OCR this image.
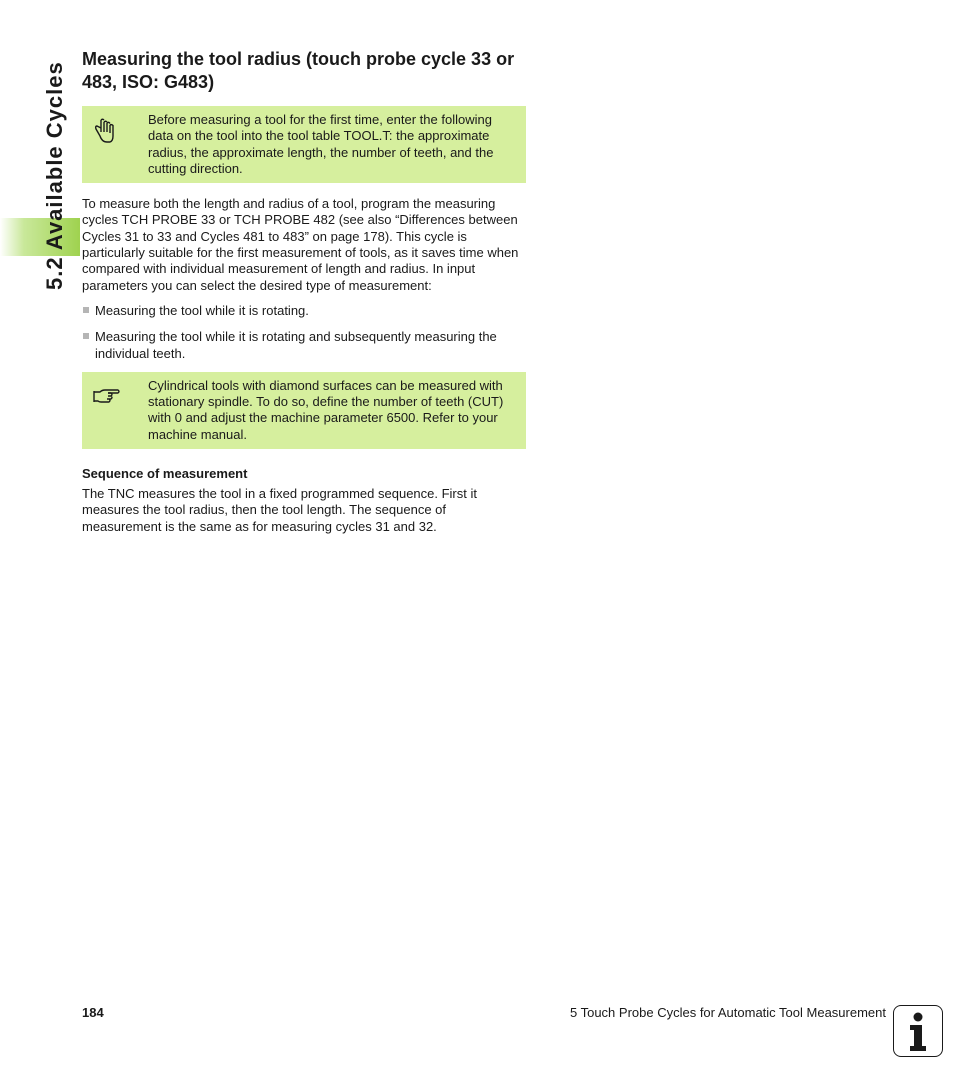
5.2 Available Cycles
Measuring the tool radius (touch probe cycle 33 or 483, ISO: G483)
Before measuring a tool for the first time, enter the following data on the tool into the tool table TOOL.T: the approximate radius, the approximate length, the number of teeth, and the cutting direction.

To measure both the length and radius of a tool, program the measuring cycles TCH PROBE 33 or TCH PROBE 482 (see also “Differences between Cycles 31 to 33 and Cycles 481 to 483” on page 178). This cycle is particularly suitable for the first measurement of tools, as it saves time when compared with individual measurement of length and radius. In input parameters you can select the desired type of measurement:

Measuring the tool while it is rotating.
Measuring the tool while it is rotating and subsequently measuring the individual teeth.
Cylindrical tools with diamond surfaces can be measured with stationary spindle. To do so, define the number of teeth (CUT) with 0 and adjust the machine parameter 6500. Refer to your machine manual.
Sequence of measurement

The TNC measures the tool in a fixed programmed sequence. First it measures the tool radius, then the tool length. The sequence of measurement is the same as for measuring cycles 31 and 32.

184	5 Touch Probe Cycles for Automatic Tool Measurement
